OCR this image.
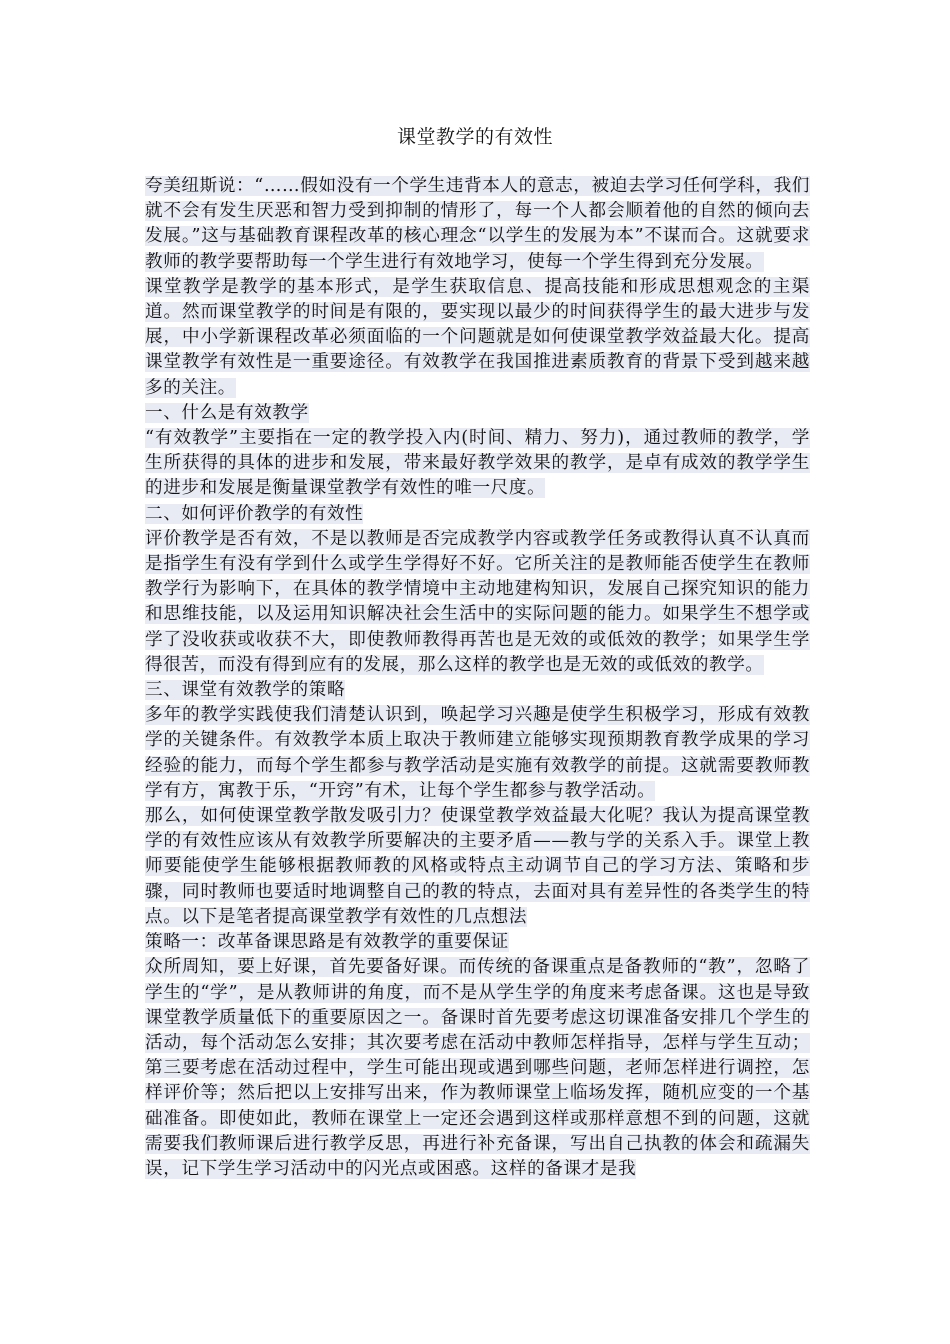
课堂教学的有效性

夸美纽斯说：“……假如没有一个学生违背本人的意志，被迫去学习任何学科，我们就不会有发生厌恶和智力受到抑制的情形了，每一个人都会顺着他的自然的倾向去发展。”这与基础教育课程改革的核心理念“以学生的发展为本”不谋而合。这就要求教师的教学要帮助每一个学生进行有效地学习，使每一个学生得到充分发展。

课堂教学是教学的基本形式，是学生获取信息、提高技能和形成思想观念的主渠道。然而课堂教学的时间是有限的，要实现以最少的时间获得学生的最大进步与发展，中小学新课程改革必须面临的一个问题就是如何使课堂教学效益最大化。提高课堂教学有效性是一重要途径。有效教学在我国推进素质教育的背景下受到越来越多的关注。

一、什么是有效教学

“有效教学”主要指在一定的教学投入内(时间、精力、努力)，通过教师的教学，学生所获得的具体的进步和发展，带来最好教学效果的教学，是卓有成效的教学学生的进步和发展是衡量课堂教学有效性的唯一尺度。

二、如何评价教学的有效性

评价教学是否有效，不是以教师是否完成教学内容或教学任务或教得认真不认真而是指学生有没有学到什么或学生学得好不好。它所关注的是教师能否使学生在教师教学行为影响下，在具体的教学情境中主动地建构知识，发展自己探究知识的能力和思维技能，以及运用知识解决社会生活中的实际问题的能力。如果学生不想学或学了没收获或收获不大，即使教师教得再苦也是无效的或低效的教学；如果学生学得很苦，而没有得到应有的发展，那么这样的教学也是无效的或低效的教学。

三、课堂有效教学的策略

多年的教学实践使我们清楚认识到，唤起学习兴趣是使学生积极学习，形成有效教学的关键条件。有效教学本质上取决于教师建立能够实现预期教育教学成果的学习经验的能力，而每个学生都参与教学活动是实施有效教学的前提。这就需要教师教学有方，寓教于乐，“开窍”有术，让每个学生都参与教学活动。

那么，如何使课堂教学散发吸引力？使课堂教学效益最大化呢？我认为提高课堂教学的有效性应该从有效教学所要解决的主要矛盾——教与学的关系入手。课堂上教师要能使学生能够根据教师教的风格或特点主动调节自己的学习方法、策略和步骤，同时教师也要适时地调整自己的教的特点，去面对具有差异性的各类学生的特点。以下是笔者提高课堂教学有效性的几点想法

策略一：改革备课思路是有效教学的重要保证

众所周知，要上好课，首先要备好课。而传统的备课重点是备教师的“教”，忽略了学生的“学”，是从教师讲的角度，而不是从学生学的角度来考虑备课。这也是导致课堂教学质量低下的重要原因之一。备课时首先要考虑这切课准备安排几个学生的活动，每个活动怎么安排；其次要考虑在活动中教师怎样指导，怎样与学生互动；第三要考虑在活动过程中，学生可能出现或遇到哪些问题，老师怎样进行调控，怎样评价等；然后把以上安排写出来，作为教师课堂上临场发挥，随机应变的一个基础准备。即使如此，教师在课堂上一定还会遇到这样或那样意想不到的问题，这就需要我们教师课后进行教学反思，再进行补充备课，写出自己执教的体会和疏漏失误，记下学生学习活动中的闪光点或困惑。这样的备课才是我
